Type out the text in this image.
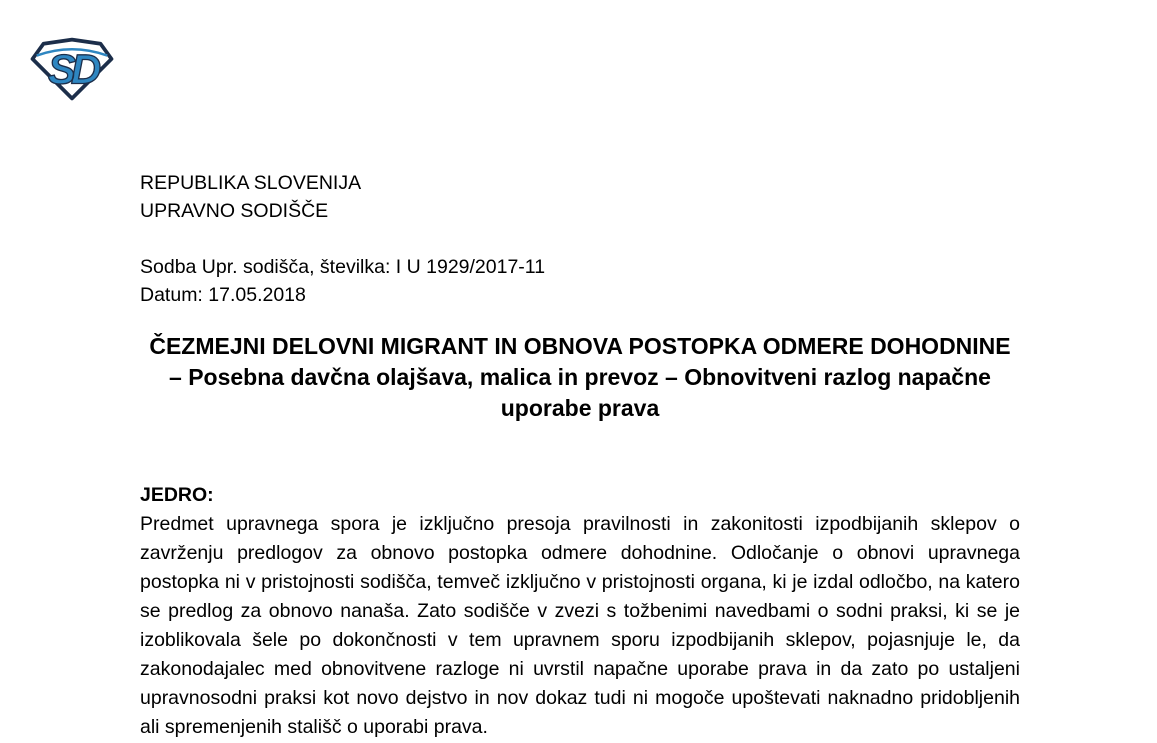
SD
REPUBLIKA SLOVENIJA
UPRAVNO SODIŠČE
Sodba Upr. sodišča, številka: I U 1929/2017-11
Datum: 17.05.2018
ČEZMEJNI DELOVNI MIGRANT IN OBNOVA POSTOPKA ODMERE DOHODNINE – Posebna davčna olajšava, malica in prevoz – Obnovitveni razlog napačne uporabe prava
JEDRO:
Predmet upravnega spora je izključno presoja pravilnosti in zakonitosti izpodbijanih sklepov o zavrženju predlogov za obnovo postopka odmere dohodnine. Odločanje o obnovi upravnega postopka ni v pristojnosti sodišča, temveč izključno v pristojnosti organa, ki je izdal odločbo, na katero se predlog za obnovo nanaša. Zato sodišče v zvezi s tožbenimi navedbami o sodni praksi, ki se je izoblikovala šele po dokončnosti v tem upravnem sporu izpodbijanih sklepov, pojasnjuje le, da zakonodajalec med obnovitvene razloge ni uvrstil napačne uporabe prava in da zato po ustaljeni upravnosodni praksi kot novo dejstvo in nov dokaz tudi ni mogoče upoštevati naknadno pridobljenih ali spremenjenih stališč o uporabi prava.
